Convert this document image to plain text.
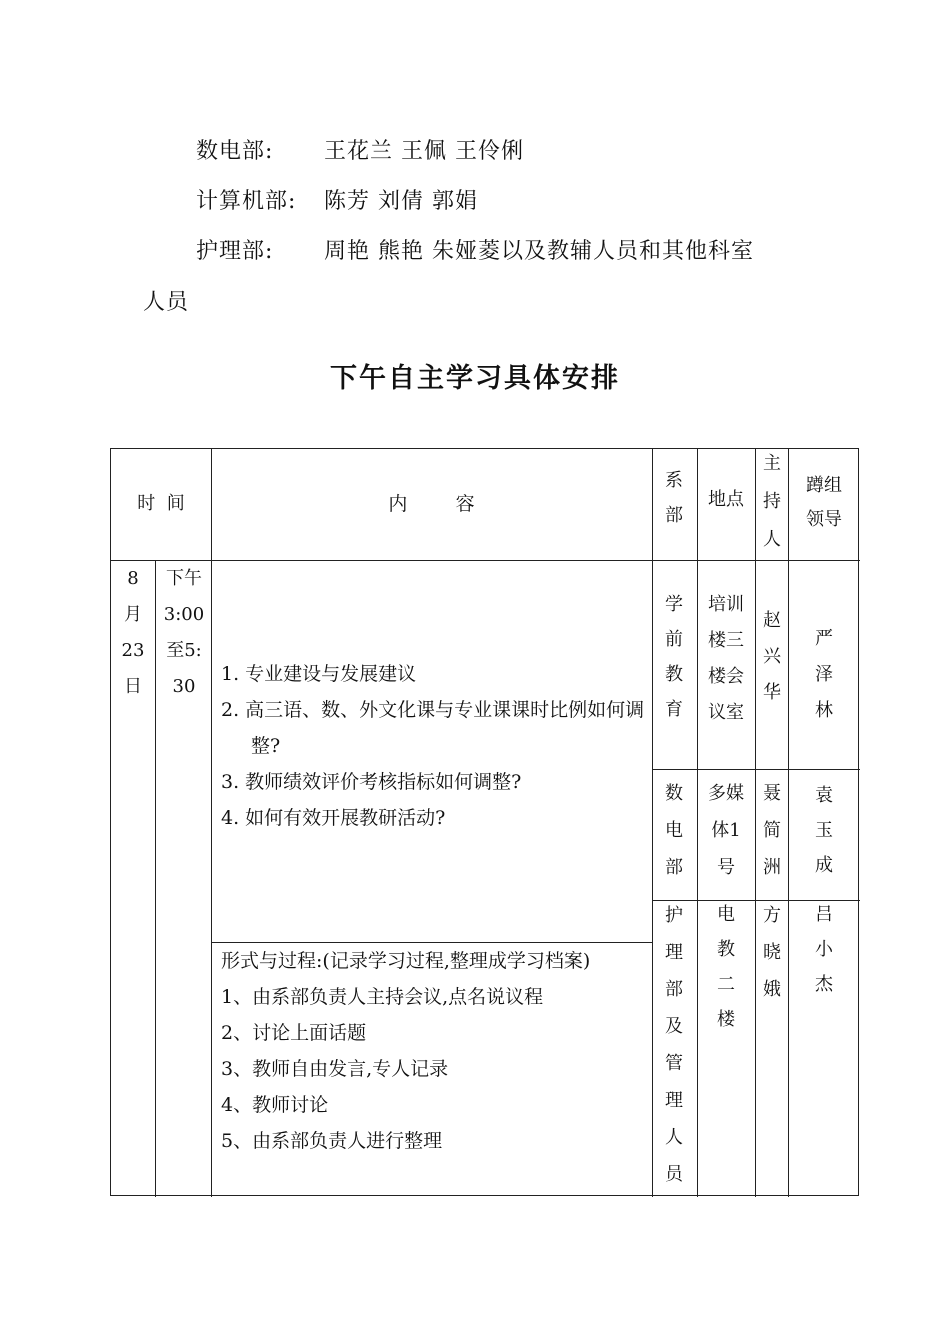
数电部: 王花兰 王佩 王伶俐
计算机部: 陈芳 刘倩 郭娟
护理部: 周艳 熊艳 朱娅菱以及教辅人员和其他科室
人员
下午自主学习具体安排
时  间	内        容
系部
地点
主持人
蹲组领导
8月23日
下午3:00至5:30
1. 专业建设与发展建议
2. 高三语、数、外文化课与专业课课时比例如何调整?
3. 教师绩效评价考核指标如何调整?
4. 如何有效开展教研活动?
形式与过程:(记录学习过程,整理成学习档案)
1、由系部负责人主持会议,点名说议程
2、讨论上面话题
3、教师自由发言,专人记录
4、教师讨论
5、由系部负责人进行整理
学前教育
培训楼三楼会议室
赵兴华
严泽林
数电部
多媒体1号
聂简洲
袁玉成
护理部及管理人员
电教二楼
方晓娥
吕小杰
